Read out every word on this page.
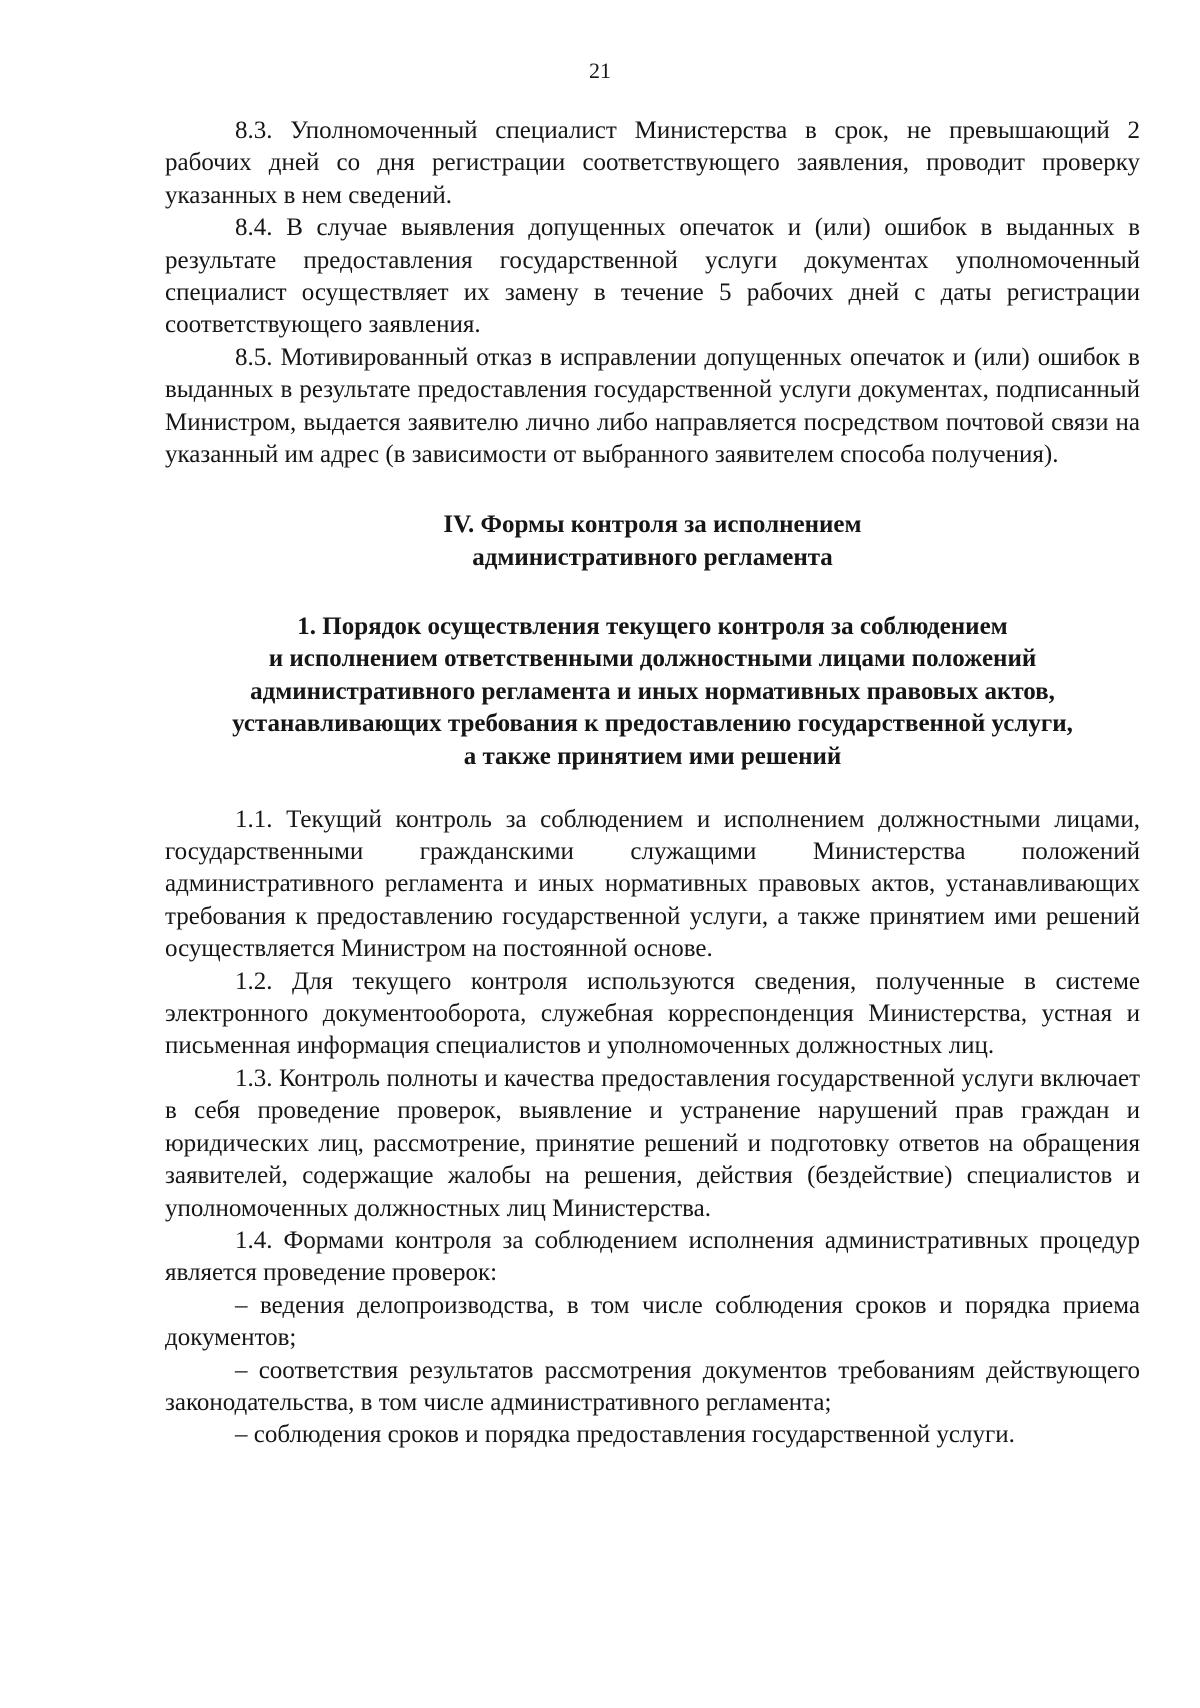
21

8.3. Уполномоченный специалист Министерства в срок, не превышающий 2 рабочих дней со дня регистрации соответствующего заявления, проводит проверку указанных в нем сведений.

8.4. В случае выявления допущенных опечаток и (или) ошибок в выданных в результате предоставления государственной услуги документах уполномоченный специалист осуществляет их замену в течение 5 рабочих дней с даты регистрации соответствующего заявления.

8.5. Мотивированный отказ в исправлении допущенных опечаток и (или) ошибок в выданных в результате предоставления государственной услуги документах, подписанный Министром, выдается заявителю лично либо направляется посредством почтовой связи на указанный им адрес (в зависимости от выбранного заявителем способа получения).

IV. Формы контроля за исполнением
административного регламента
1. Порядок осуществления текущего контроля за соблюдением
и исполнением ответственными должностными лицами положений
административного регламента и иных нормативных правовых актов,
устанавливающих требования к предоставлению государственной услуги,
а также принятием ими решений

1.1. Текущий контроль за соблюдением и исполнением должностными лицами, государственными гражданскими служащими Министерства положений административного регламента и иных нормативных правовых актов, устанавливающих требования к предоставлению государственной услуги, а также принятием ими решений осуществляется Министром на постоянной основе.

1.2. Для текущего контроля используются сведения, полученные в системе электронного документооборота, служебная корреспонденция Министерства, устная и письменная информация специалистов и уполномоченных должностных лиц.

1.3. Контроль полноты и качества предоставления государственной услуги включает в себя проведение проверок, выявление и устранение нарушений прав граждан и юридических лиц, рассмотрение, принятие решений и подготовку ответов на обращения заявителей, содержащие жалобы на решения, действия (бездействие) специалистов и уполномоченных должностных лиц Министерства.

1.4. Формами контроля за соблюдением исполнения административных процедур является проведение проверок:

– ведения делопроизводства, в том числе соблюдения сроков и порядка приема документов;

– соответствия результатов рассмотрения документов требованиям действующего законодательства, в том числе административного регламента;

– соблюдения сроков и порядка предоставления государственной услуги.
